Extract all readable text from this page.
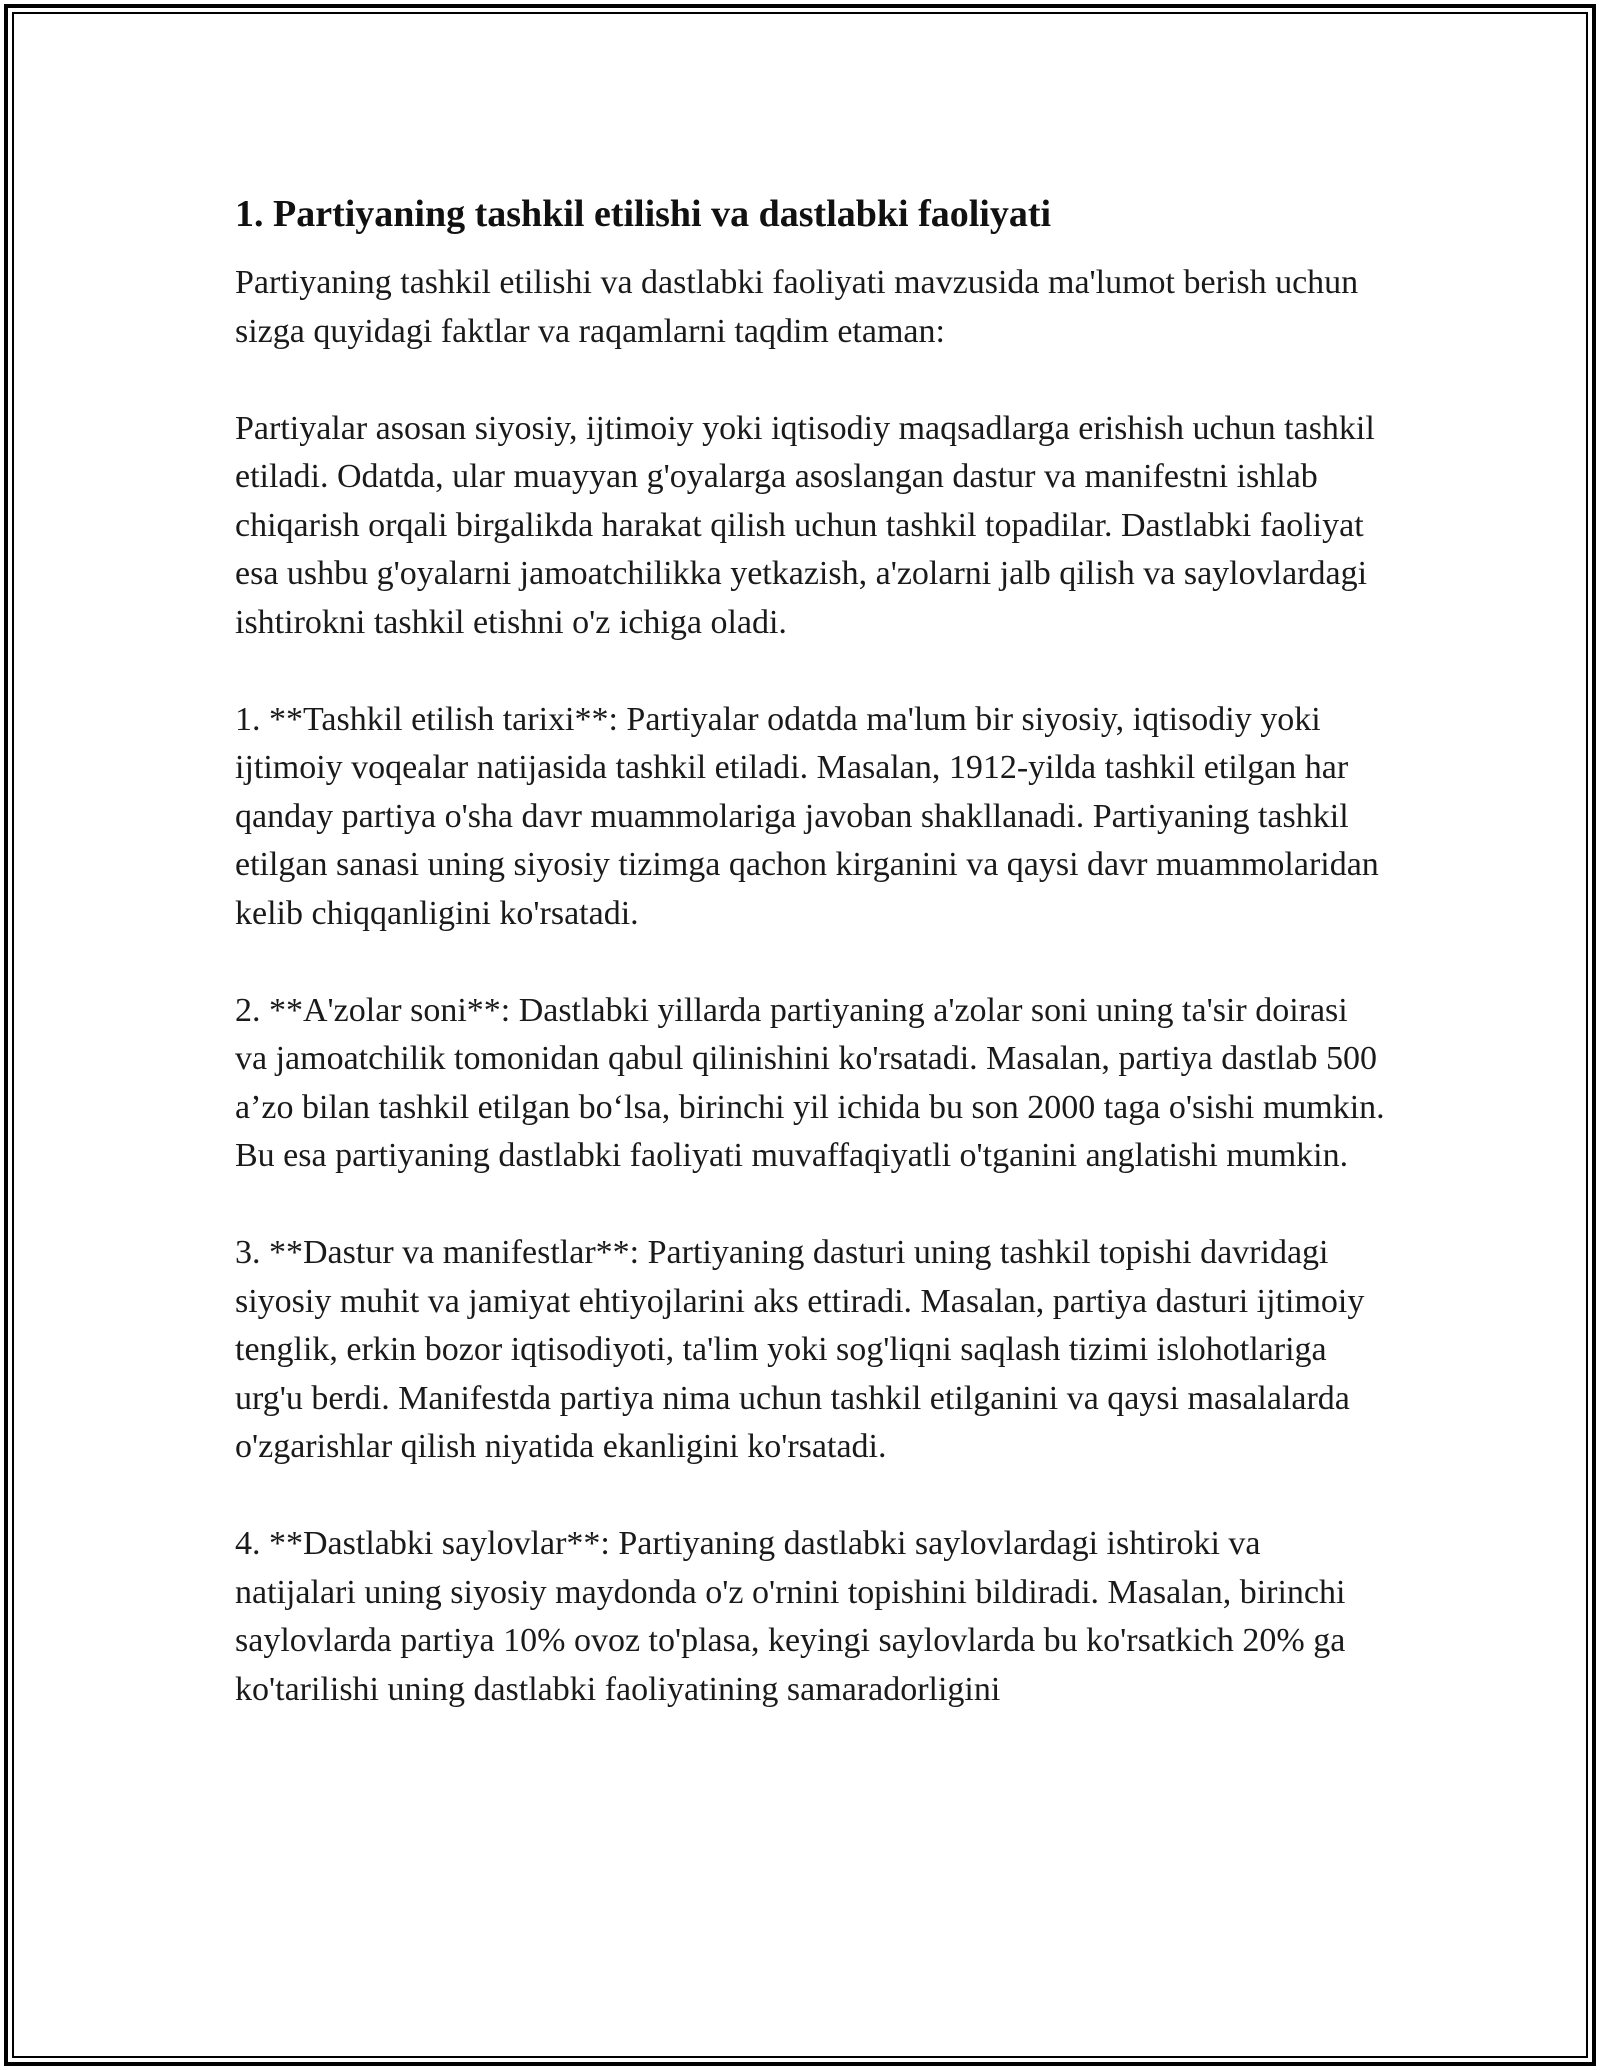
1. Partiyaning tashkil etilishi va dastlabki faoliyati

Partiyaning tashkil etilishi va dastlabki faoliyati mavzusida ma'lumot berish uchun sizga quyidagi faktlar va raqamlarni taqdim etaman:

Partiyalar asosan siyosiy, ijtimoiy yoki iqtisodiy maqsadlarga erishish uchun tashkil etiladi. Odatda, ular muayyan g'oyalarga asoslangan dastur va manifestni ishlab chiqarish orqali birgalikda harakat qilish uchun tashkil topadilar. Dastlabki faoliyat esa ushbu g'oyalarni jamoatchilikka yetkazish, a'zolarni jalb qilish va saylovlardagi ishtirokni tashkil etishni o'z ichiga oladi.

1. **Tashkil etilish tarixi**: Partiyalar odatda ma'lum bir siyosiy, iqtisodiy yoki ijtimoiy voqealar natijasida tashkil etiladi. Masalan, 1912-yilda tashkil etilgan har qanday partiya o'sha davr muammolariga javoban shakllanadi. Partiyaning tashkil etilgan sanasi uning siyosiy tizimga qachon kirganini va qaysi davr muammolaridan kelib chiqqanligini ko'rsatadi.

2. **A'zolar soni**: Dastlabki yillarda partiyaning a'zolar soni uning ta'sir doirasi va jamoatchilik tomonidan qabul qilinishini ko'rsatadi. Masalan, partiya dastlab 500 a’zo bilan tashkil etilgan bo‘lsa, birinchi yil ichida bu son 2000 taga o'sishi mumkin. Bu esa partiyaning dastlabki faoliyati muvaffaqiyatli o'tganini anglatishi mumkin.

3. **Dastur va manifestlar**: Partiyaning dasturi uning tashkil topishi davridagi siyosiy muhit va jamiyat ehtiyojlarini aks ettiradi. Masalan, partiya dasturi ijtimoiy tenglik, erkin bozor iqtisodiyoti, ta'lim yoki sog'liqni saqlash tizimi islohotlariga urg'u berdi. Manifestda partiya nima uchun tashkil etilganini va qaysi masalalarda o'zgarishlar qilish niyatida ekanligini ko'rsatadi.

4. **Dastlabki saylovlar**: Partiyaning dastlabki saylovlardagi ishtiroki va natijalari uning siyosiy maydonda o'z o'rnini topishini bildiradi. Masalan, birinchi saylovlarda partiya 10% ovoz to'plasa, keyingi saylovlarda bu ko'rsatkich 20% ga ko'tarilishi uning dastlabki faoliyatining samaradorligini
